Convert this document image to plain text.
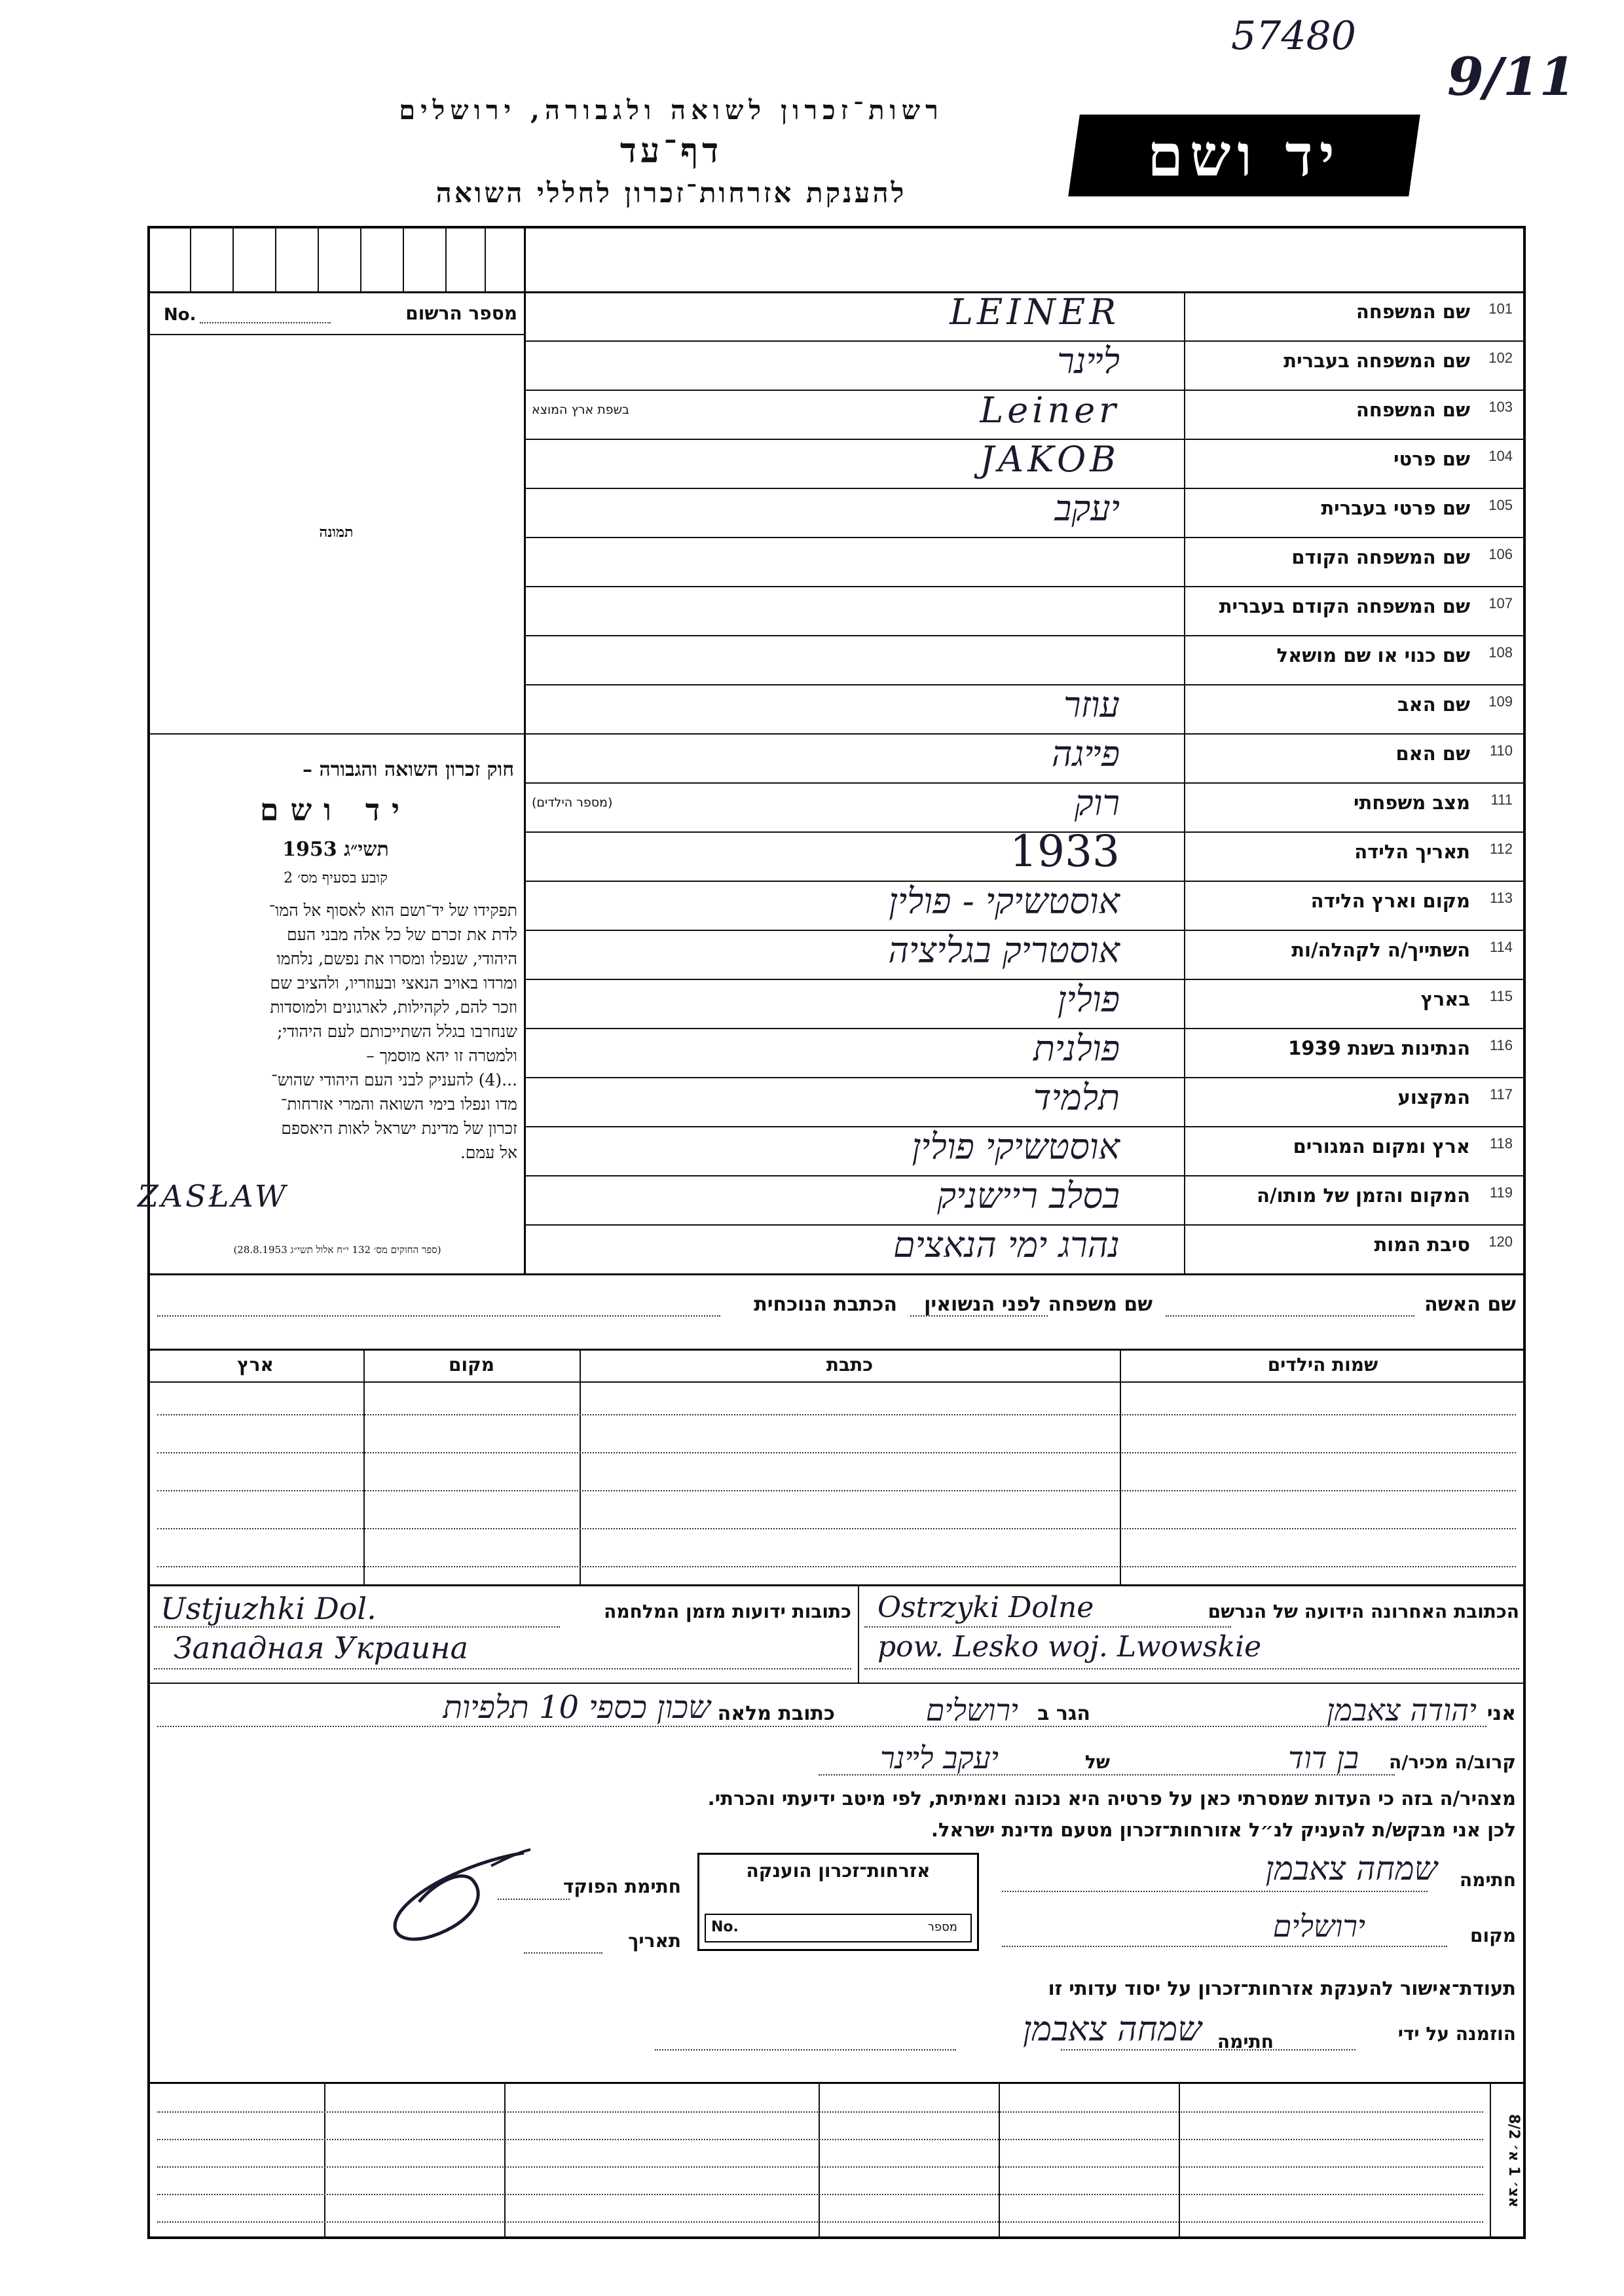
57480
9/11
רשות־זכרון לשואה ולגבורה, ירושלים
דף־עד
להענקת אזרחות־זכרון לחללי השואה
יד ושם
No.	מספר הרשום
תמונה
חוק זכרון השואה והגבורה –
יד ושם
תשי״ג 1953
קובע בסעיף מס׳ 2
תפקידו של יד־ושם הוא לאסוף אל המו־
לדת את זכרם של כל אלה מבני העם
היהודי, שנפלו ומסרו את נפשם, נלחמו
ומרדו באויב הנאצי ובעוזריו, ולהציב שם
וזכר להם, לקהילות, לארגונים ולמוסדות
שנחרבו בגלל השתייכותם לעם היהודי;
ולמטרה זו יהא מוסמך –
...(4) להעניק לבני העם היהודי שהוש־
מדו ונפלו בימי השואה והמרי אזרחות־
זכרון של מדינת ישראל לאות היאספם
אל עמם.
(ספר החוקים מס׳ 132 י״ח אלול תשי״ג 28.8.1953)
101
שם המשפחה
LEINER
102
שם המשפחה בעברית
לײנר
103
שם המשפחה
בשפת ארץ המוצא	Leiner
104
שם פרטי
JAKOB
105
שם פרטי בעברית
יעקב
106
שם המשפחה הקודם
107
שם המשפחה הקודם בעברית
108
שם כנוי או שם מושאל
109
שם האב
עוזר
110
שם האם
פײגה
111
מצב משפחתי
(מספר הילדים)	רוק
112
תאריך הלידה
1933
113
מקום וארץ הלידה
אוסטשיקי - פולין
114
השתייך/ה לקהלה/ות
אוסטריק בגליציה
115
בארץ
פולין
116
הנתינות בשנת 1939
פולנית
117
המקצוע
תלמיד
118
ארץ ומקום המגורים
אוסטשיקי פולין
119
המקום והזמן של מותו/ה
בסלב ריישניק
ZASŁAW
120
סיבת המות
נהרג ימי הנאצים
שם האשה
שם משפחה לפני הנשואין
הכתבת הנוכחית
שמות הילדים
כתבת
מקום
ארץ
הכתובת האחרונה הידועה של הנרשם
Ostrzyki Dolne
pow. Lesko woj. Lwowskie
כתובות ידועות מזמן המלחמה
Ustjuzhki Dol.
Западная Украина
אני
יהודה צאבמן
הגר ב
ירושלים
כתובת מלאה
שכון כספי 10 תלפיות
קרוב/ה מכיר/ה
בן דוד
של
יעקב לײנר
מצהיר/ה בזה כי העדות שמסרתי כאן על פרטיה היא נכונה ואמיתית, לפי מיטב ידיעתי והכרתי.
לכן אני מבקש/ת להעניק לנ״ל אזורחות־זכרון מטעם מדינת ישראל.
חתימה
שמחה צאבמן
מקום
ירושלים
אזרחות־זכרון הוענקה
No.	מספר
חתימת הפוקד
תאריך
תעודת־אישור להענקת אזרחות־זכרון על יסוד עדותי זו
הוזמנה על ידי
חתימה
שמחה צאבמן
אצ׳ 1 א׳ 8/2
